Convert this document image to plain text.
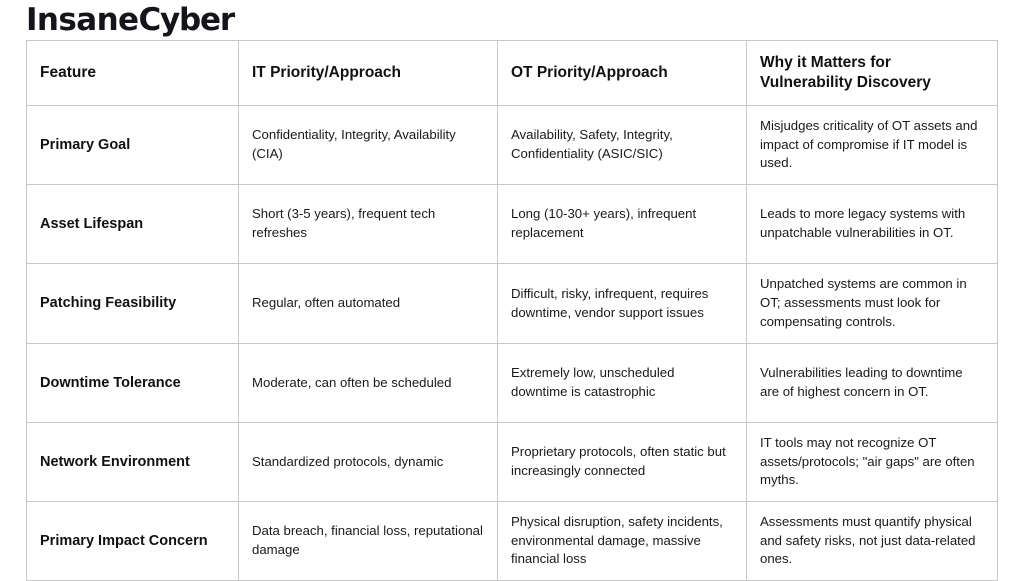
InsaneCyber
Feature	IT Priority/Approach	OT Priority/Approach	Why it Matters for Vulnerability Discovery
Primary Goal	Confidentiality, Integrity, Availability (CIA)	Availability, Safety, Integrity, Confidentiality (ASIC/SIC)	Misjudges criticality of OT assets and impact of compromise if IT model is used.
Asset Lifespan	Short (3-5 years), frequent tech refreshes	Long (10-30+ years), infrequent replacement	Leads to more legacy systems with unpatchable vulnerabilities in OT.
Patching Feasibility	Regular, often automated	Difficult, risky, infrequent, requires downtime, vendor support issues	Unpatched systems are common in OT; assessments must look for compensating controls.
Downtime Tolerance	Moderate, can often be scheduled	Extremely low, unscheduled downtime is catastrophic	Vulnerabilities leading to downtime are of highest concern in OT.
Network Environment	Standardized protocols, dynamic	Proprietary protocols, often static but increasingly connected	IT tools may not recognize OT assets/protocols; "air gaps" are often myths.
Primary Impact Concern	Data breach, financial loss, reputational damage	Physical disruption, safety incidents, environmental damage, massive financial loss	Assessments must quantify physical and safety risks, not just data-related ones.
